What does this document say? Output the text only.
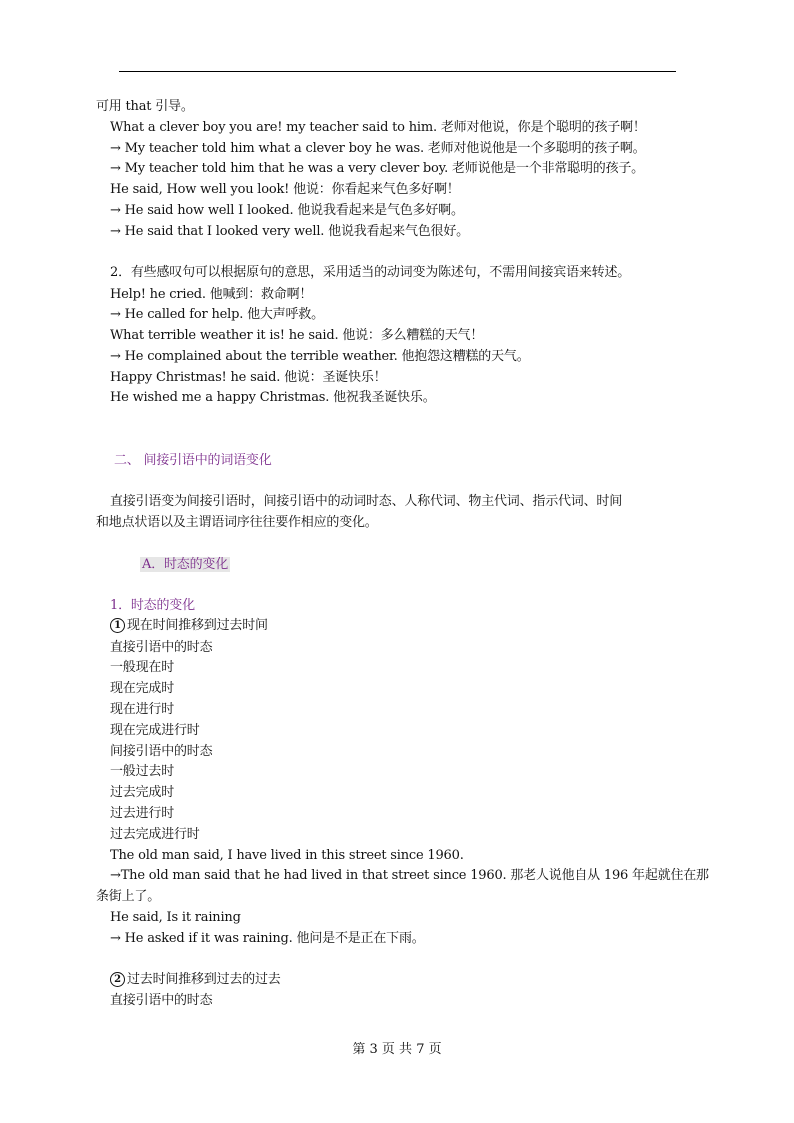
可用 that 引导。
What a clever boy you are! my teacher said to him. 老师对他说，你是个聪明的孩子啊！
→ My teacher told him what a clever boy he was. 老师对他说他是一个多聪明的孩子啊。
→ My teacher told him that he was a very clever boy. 老师说他是一个非常聪明的孩子。
He said, How well you look! 他说：你看起来气色多好啊！
→ He said how well I looked. 他说我看起来是气色多好啊。
→ He said that I looked very well. 他说我看起来气色很好。
2．有些感叹句可以根据原句的意思，采用适当的动词变为陈述句，不需用间接宾语来转述。
Help! he cried. 他喊到：救命啊！
→ He called for help. 他大声呼救。
What terrible weather it is! he said. 他说：多么糟糕的天气！
→ He complained about the terrible weather. 他抱怨这糟糕的天气。
Happy Christmas! he said. 他说：圣诞快乐！
He wished me a happy Christmas. 他祝我圣诞快乐。
二、 间接引语中的词语变化
直接引语变为间接引语时，间接引语中的动词时态、人称代词、物主代词、指示代词、时间
和地点状语以及主谓语词序往往要作相应的变化。
A．时态的变化
1．时态的变化
1 现在时间推移到过去时间
直接引语中的时态
一般现在时
现在完成时
现在进行时
现在完成进行时
间接引语中的时态
一般过去时
过去完成时
过去进行时
过去完成进行时
The old man said, I have lived in this street since 1960.
→The old man said that he had lived in that street since 1960. 那老人说他自从 196 年起就住在那
条街上了。
He said, Is it raining
→ He asked if it was raining. 他问是不是正在下雨。
2 过去时间推移到过去的过去
直接引语中的时态
第 3 页 共 7 页
